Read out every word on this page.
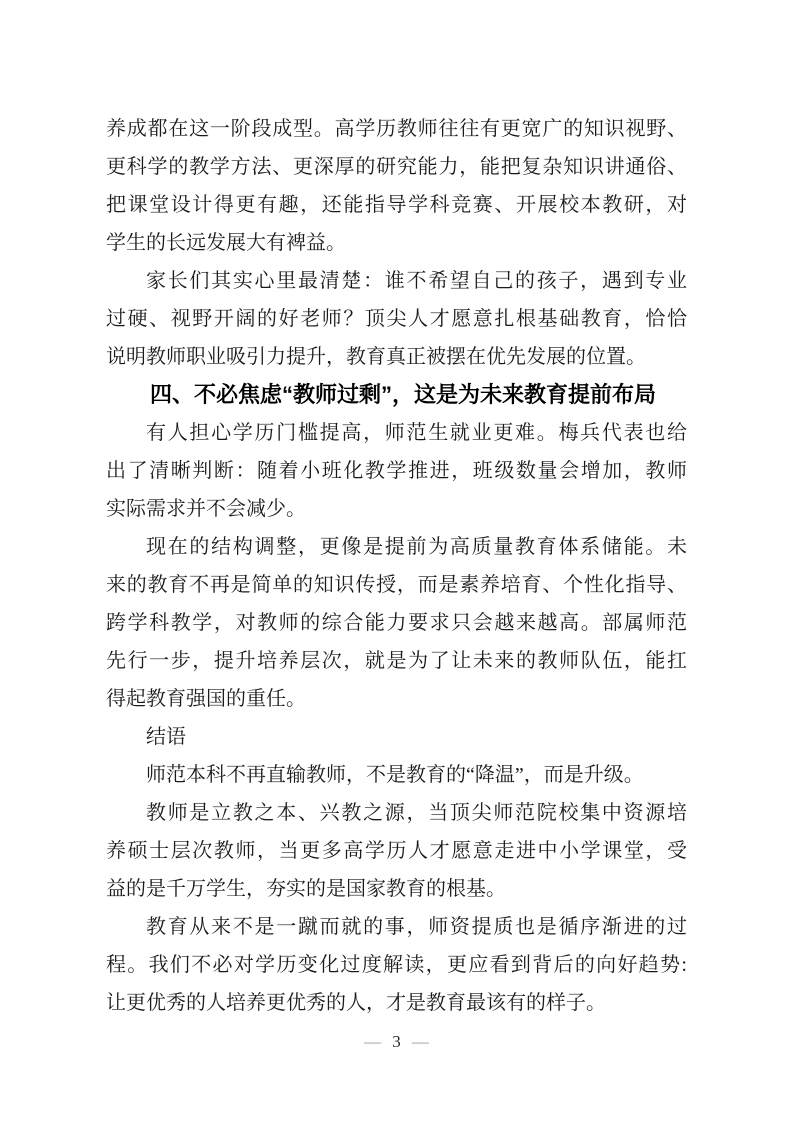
养成都在这一阶段成型。高学历教师往往有更宽广的知识视野、
更科学的教学方法、更深厚的研究能力，能把复杂知识讲通俗、
把课堂设计得更有趣，还能指导学科竞赛、开展校本教研，对
学生的长远发展大有裨益。
家长们其实心里最清楚：谁不希望自己的孩子，遇到专业
过硬、视野开阔的好老师？顶尖人才愿意扎根基础教育，恰恰
说明教师职业吸引力提升，教育真正被摆在优先发展的位置。
四、不必焦虑“教师过剩”，这是为未来教育提前布局
有人担心学历门槛提高，师范生就业更难。梅兵代表也给
出了清晰判断：随着小班化教学推进，班级数量会增加，教师
实际需求并不会减少。
现在的结构调整，更像是提前为高质量教育体系储能。未
来的教育不再是简单的知识传授，而是素养培育、个性化指导、
跨学科教学，对教师的综合能力要求只会越来越高。部属师范
先行一步，提升培养层次，就是为了让未来的教师队伍，能扛
得起教育强国的重任。
结语
师范本科不再直输教师，不是教育的“降温”，而是升级。
教师是立教之本、兴教之源，当顶尖师范院校集中资源培
养硕士层次教师，当更多高学历人才愿意走进中小学课堂，受
益的是千万学生，夯实的是国家教育的根基。
教育从来不是一蹴而就的事，师资提质也是循序渐进的过
程。我们不必对学历变化过度解读，更应看到背后的向好趋势:
让更优秀的人培养更优秀的人，才是教育最该有的样子。
— 3 —
